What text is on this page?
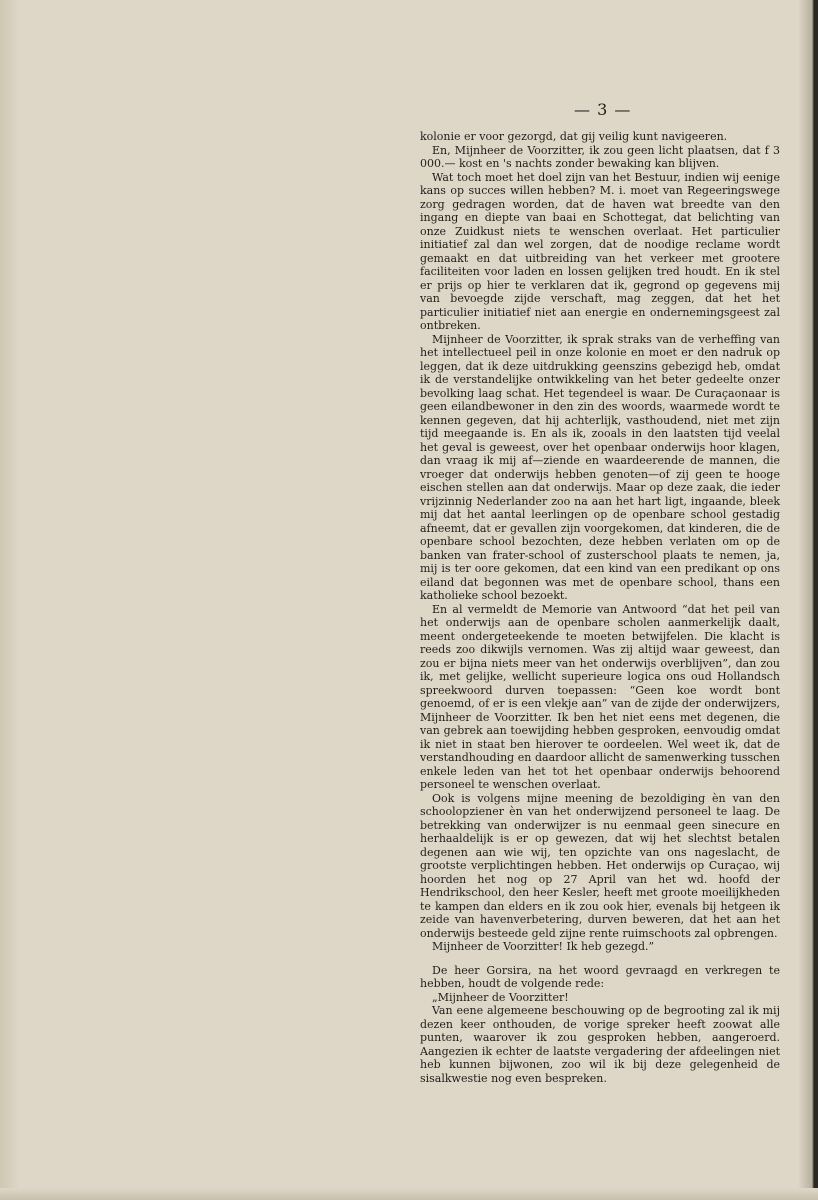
— 3 —

kolonie er voor gezorgd, dat gij veilig kunt navigeeren.

En, Mijnheer de Voorzitter, ik zou geen licht plaatsen, dat f 3 000.— kost en 's nachts zonder bewaking kan blijven.

Wat toch moet het doel zijn van het Bestuur, indien wij eenige kans op succes willen hebben? M. i. moet van Regeeringswege zorg gedragen worden, dat de haven wat breedte van den ingang en diepte van baai en Schottegat, dat belichting van onze Zuidkust niets te wenschen overlaat. Het particulier initiatief zal dan wel zorgen, dat de noodige reclame wordt gemaakt en dat uitbreiding van het verkeer met grootere faciliteiten voor laden en lossen gelijken tred houdt. En ik stel er prijs op hier te verklaren dat ik, gegrond op gegevens mij van bevoegde zijde verschaft, mag zeggen, dat het het particulier initiatief niet aan energie en ondernemingsgeest zal ontbreken.

Mijnheer de Voorzitter, ik sprak straks van de verheffing van het intellectueel peil in onze kolonie en moet er den nadruk op leggen, dat ik deze uitdrukking geenszins gebezigd heb, omdat ik de verstandelijke ontwikkeling van het beter gedeelte onzer bevolking laag schat. Het tegendeel is waar. De Curaçaonaar is geen eilandbewoner in den zin des woords, waarmede wordt te kennen gegeven, dat hij achterlijk, vasthoudend, niet met zijn tijd meegaande is. En als ik, zooals in den laatsten tijd veelal het geval is geweest, over het openbaar onderwijs hoor klagen, dan vraag ik mij af—ziende en waardeerende de mannen, die vroeger dat onderwijs hebben genoten—of zij geen te hooge eischen stellen aan dat onderwijs. Maar op deze zaak, die ieder vrijzinnig Nederlander zoo na aan het hart ligt, ingaande, bleek mij dat het aantal leerlingen op de openbare school gestadig afneemt, dat er gevallen zijn voorgekomen, dat kinderen, die de openbare school bezochten, deze hebben verlaten om op de banken van frater-school of zusterschool plaats te nemen, ja, mij is ter oore gekomen, dat een kind van een predikant op ons eiland dat begonnen was met de openbare school, thans een katholieke school bezoekt.

En al vermeldt de Memorie van Antwoord “dat het peil van het onderwijs aan de openbare scholen aanmerkelijk daalt, meent ondergeteekende te moeten betwijfelen. Die klacht is reeds zoo dikwijls vernomen. Was zij altijd waar geweest, dan zou er bijna niets meer van het onderwijs overblijven”, dan zou ik, met gelijke, wellicht superieure logica ons oud Hollandsch spreekwoord durven toepassen: “Geen koe wordt bont genoemd, of er is een vlekje aan” van de zijde der onderwijzers, Mijnheer de Voorzitter. Ik ben het niet eens met degenen, die van gebrek aan toewijding hebben gesproken, eenvoudig omdat ik niet in staat ben hierover te oordeelen. Wel weet ik, dat de verstandhouding en daardoor allicht de samenwerking tusschen enkele leden van het tot het openbaar onderwijs behoorend personeel te wenschen overlaat.

Ook is volgens mijne meening de bezoldiging èn van den schoolopziener èn van het onderwijzend personeel te laag. De betrekking van onderwijzer is nu eenmaal geen sinecure en herhaaldelijk is er op gewezen, dat wij het slechtst betalen degenen aan wie wij, ten opzichte van ons nageslacht, de grootste verplichtingen hebben. Het onderwijs op Curaçao, wij hoorden het nog op 27 April van het wd. hoofd der Hendrikschool, den heer Kesler, heeft met groote moeilijkheden te kampen dan elders en ik zou ook hier, evenals bij hetgeen ik zeide van havenverbetering, durven beweren, dat het aan het onderwijs besteede geld zijne rente ruimschoots zal opbrengen.

Mijnheer de Voorzitter! Ik heb gezegd.”

De heer Gorsira, na het woord gevraagd en verkregen te hebben, houdt de volgende rede:

„Mijnheer de Voorzitter!

Van eene algemeene beschouwing op de begrooting zal ik mij dezen keer onthouden, de vorige spreker heeft zoowat alle punten, waarover ik zou gesproken hebben, aangeroerd. Aangezien ik echter de laatste vergadering der afdeelingen niet heb kunnen bijwonen, zoo wil ik bij deze gelegenheid de sisalkwestie nog even bespreken.
